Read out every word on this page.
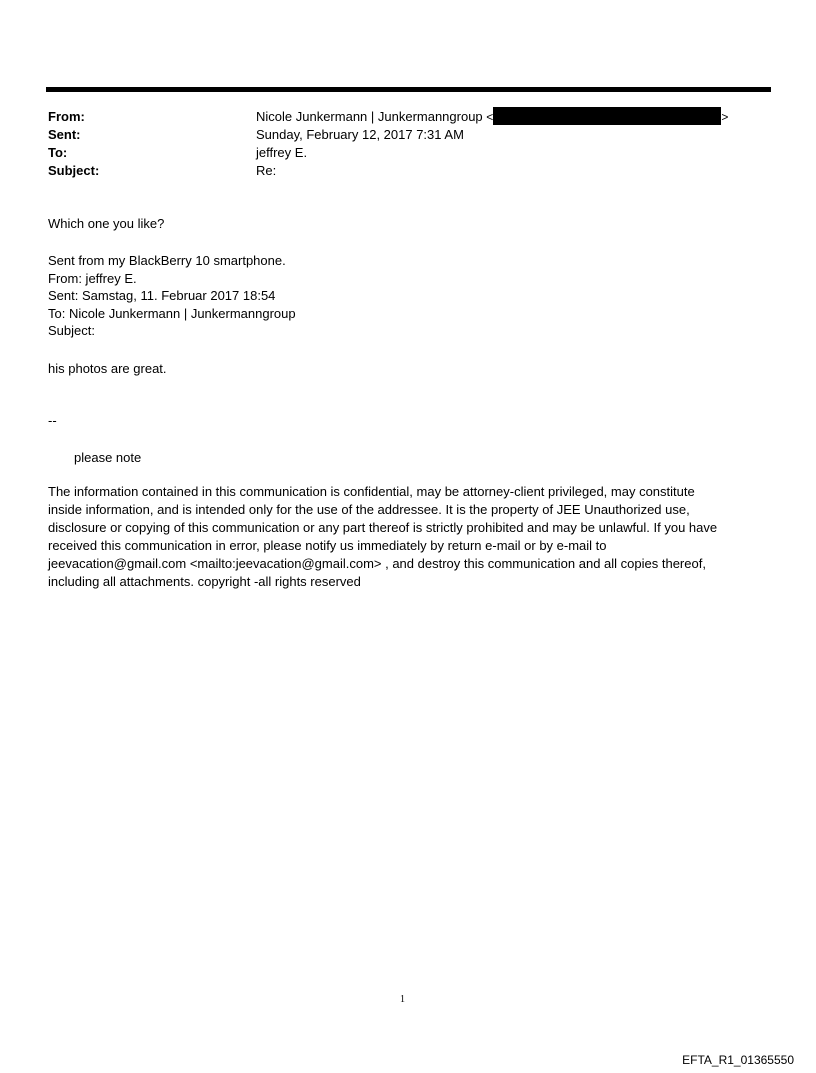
From:	Nicole Junkermann | Junkermanngroup <	>
Sent:	Sunday, February 12, 2017 7:31 AM
To:	jeffrey E.
Subject:	Re:
Which one you like?
Sent from my BlackBerry 10 smartphone.
From: jeffrey E.
Sent: Samstag, 11. Februar 2017 18:54
To: Nicole Junkermann | Junkermanngroup
Subject:
his photos are great.
--
please note
The information contained in this communication is confidential, may be attorney-client privileged, may constitute
inside information, and is intended only for the use of the addressee. It is the property of JEE Unauthorized use,
disclosure or copying of this communication or any part thereof is strictly prohibited and may be unlawful. If you have
received this communication in error, please notify us immediately by return e-mail or by e-mail to
jeevacation@gmail.com <mailto:jeevacation@gmail.com> , and destroy this communication and all copies thereof,
including all attachments. copyright -all rights reserved
1
EFTA_R1_01365550
